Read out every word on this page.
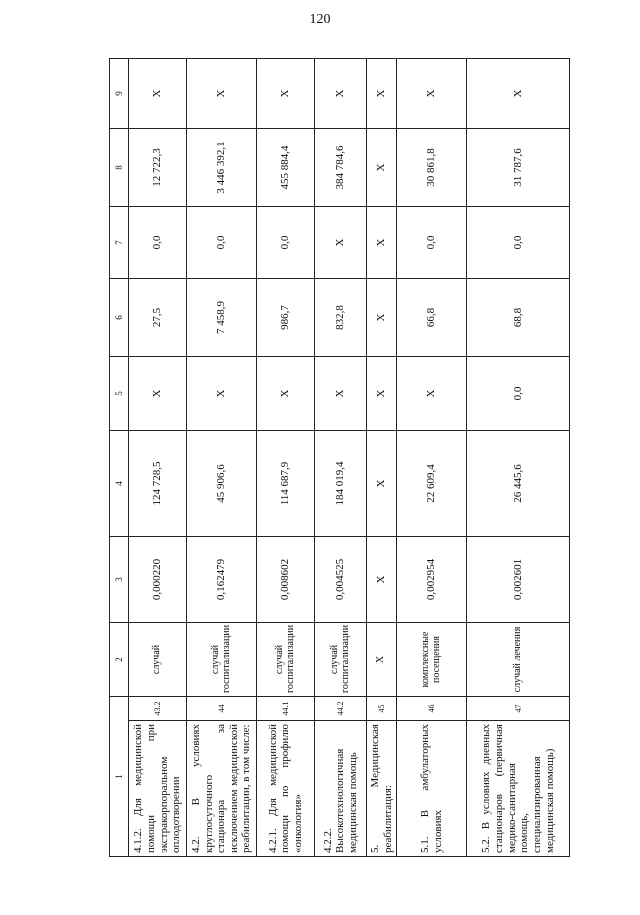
120
1		2	3	4	5	6	7	8	9

4.1.2. Для медицинской помощи при экстракорпоральном оплодотворении	43.2	случай	0,000220	124 728,5	Х	27,5	0,0	12 722,3	Х

4.2. В условиях круглосуточного стационара за исключением медицинской реабилитации, в том числе:	44	случай госпитализации	0,162479	45 906,6	Х	7 458,9	0,0	3 446 392,1	Х

4.2.1. Для медицинской помощи по профилю «онкология»	44.1	случай госпитализации	0,008602	114 687,9	Х	986,7	0,0	455 884,4	Х

4.2.2. Высокотехнологичная медицинская помощь	44.2	случай госпитализации	0,004525	184 019,4	Х	832,8	Х	384 784,6	Х

5. Медицинская реабилитация:	45	Х	Х	Х	Х	Х	Х	Х	Х

5.1. В амбулаторных условиях	46	комплексные посещения	0,002954	22 609,4	Х	66,8	0,0	30 861,8	Х

5.2. В условиях дневных стационаров (первичная медико-санитарная помощь, специализированная медицинская помощь)	47	случай лечения	0,002601	26 445,6	0,0	68,8	0,0	31 787,6	Х
